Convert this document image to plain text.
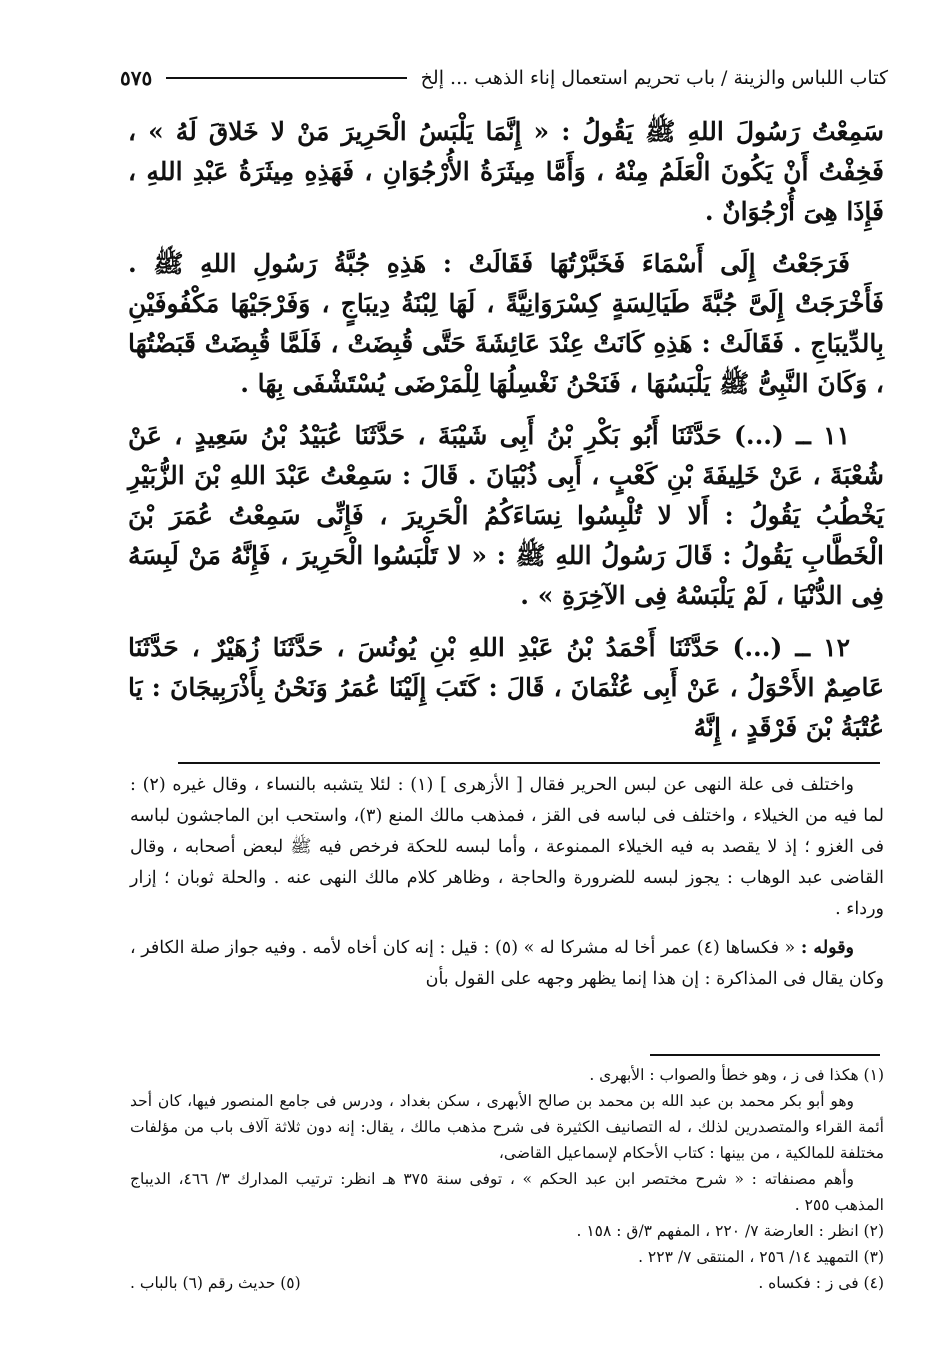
كتاب اللباس والزينة / باب تحريم استعمال إناء الذهب ... إلخ
٥٧٥

سَمِعْتُ رَسُولَ اللهِ ﷺ يَقُولُ : « إِنَّمَا يَلْبَسُ الْحَرِيرَ مَنْ لا خَلاقَ لَهُ » ، فَخِفْتُ أَنْ يَكُونَ الْعَلَمُ مِنْهُ ، وَأَمَّا مِيثَرَةُ الأُرْجُوَانِ ، فَهَذِهِ مِيثَرَةُ عَبْدِ اللهِ ، فَإِذَا هِىَ أُرْجُوَانٌ .

فَرَجَعْتُ إِلَى أَسْمَاءَ فَخَبَّرْتُهَا فَقَالَتْ : هَذِهِ جُبَّةُ رَسُولِ اللهِ ﷺ . فَأَخْرَجَتْ إِلَىَّ جُبَّةَ طَيَالِسَةٍ كِسْرَوَانِيَّةً ، لَهَا لِبْنَةُ دِيبَاجٍ ، وَفَرْجَيْهَا مَكْفُوفَيْنِ بِالدِّيبَاجِ . فَقَالَتْ : هَذِهِ كَانَتْ عِنْدَ عَائِشَةَ حَتَّى قُبِضَتْ ، فَلَمَّا قُبِضَتْ قَبَضْتُهَا ، وَكَانَ النَّبِىُّ ﷺ يَلْبَسُهَا ، فَنَحْنُ نَغْسِلُهَا لِلْمَرْضَى يُسْتَشْفَى بِهَا .

١١ ــ (...) حَدَّثَنَا أَبُو بَكْرِ بْنُ أَبِى شَيْبَةَ ، حَدَّثَنَا عُبَيْدُ بْنُ سَعِيدٍ ، عَنْ شُعْبَةَ ، عَنْ خَلِيفَةَ بْنِ كَعْبٍ ، أَبِى ذُبْيَانَ . قَالَ : سَمِعْتُ عَبْدَ اللهِ بْنَ الزُّبَيْرِ يَخْطُبُ يَقُولُ : أَلا لا تُلْبِسُوا نِسَاءَكُمُ الْحَرِيرَ ، فَإِنِّى سَمِعْتُ عُمَرَ بْنَ الْخَطَّابِ يَقُولُ : قَالَ رَسُولُ اللهِ ﷺ : « لا تَلْبَسُوا الْحَرِيرَ ، فَإِنَّهُ مَنْ لَبِسَهُ فِى الدُّنْيَا ، لَمْ يَلْبَسْهُ فِى الآخِرَةِ » .

١٢ ــ (...) حَدَّثَنَا أَحْمَدُ بْنُ عَبْدِ اللهِ بْنِ يُونُسَ ، حَدَّثَنَا زُهَيْرٌ ، حَدَّثَنَا عَاصِمٌ الأَحْوَلُ ، عَنْ أَبِى عُثْمَانَ ، قَالَ : كَتَبَ إِلَيْنَا عُمَرُ وَنَحْنُ بِأَذْرَبِيجَانَ : يَا عُتْبَةُ بْنَ فَرْقَدٍ ، إِنَّهُ

واختلف فى علة النهى عن لبس الحرير فقال [ الأزهرى ] (١) : لئلا يتشبه بالنساء ، وقال غيره (٢) : لما فيه من الخيلاء ، واختلف فى لباسه فى القز ، فمذهب مالك المنع (٣)، واستحب ابن الماجشون لباسه فى الغزو ؛ إذ لا يقصد به فيه الخيلاء الممنوعة ، وأما لبسه للحكة فرخص فيه ﷺ لبعض أصحابه ، وقال القاضى عبد الوهاب : يجوز لبسه للضرورة والحاجة ، وظاهر كلام مالك النهى عنه . والحلة ثوبان ؛ إزار ورداء .

وقوله : « فكساها (٤) عمر أخا له مشركا له » (٥) : قيل : إنه كان أخاه لأمه . وفيه جواز صلة الكافر ، وكان يقال فى المذاكرة : إن هذا إنما يظهر وجهه على القول بأن

(١) هكذا فى ز ، وهو خطأ والصواب : الأبهرى .

وهو أبو بكر محمد بن عبد الله بن محمد بن صالح الأبهرى ، سكن بغداد ، ودرس فى جامع المنصور فيها، كان أحد أئمة القراء والمتصدرين لذلك ، له التصانيف الكثيرة فى شرح مذهب مالك ، يقال: إنه دون ثلاثة آلاف باب من مؤلفات مختلفة للمالكية ، من بينها : كتاب الأحكام لإسماعيل القاضى،

وأهم مصنفاته : « شرح مختصر ابن عبد الحكم » ، توفى سنة ٣٧٥ هـ انظر: ترتيب المدارك ٣/ ٤٦٦، الديباج المذهب ٢٥٥ .

(٢) انظر : العارضة ٧/ ٢٢٠ ، المفهم ٣/ق : ١٥٨ .

(٣) التمهيد ١٤/ ٢٥٦ ، المنتقى ٧/ ٢٢٣ .

(٤) فى ز : فكساه .
(٥) حديث رقم (٦) بالباب .
